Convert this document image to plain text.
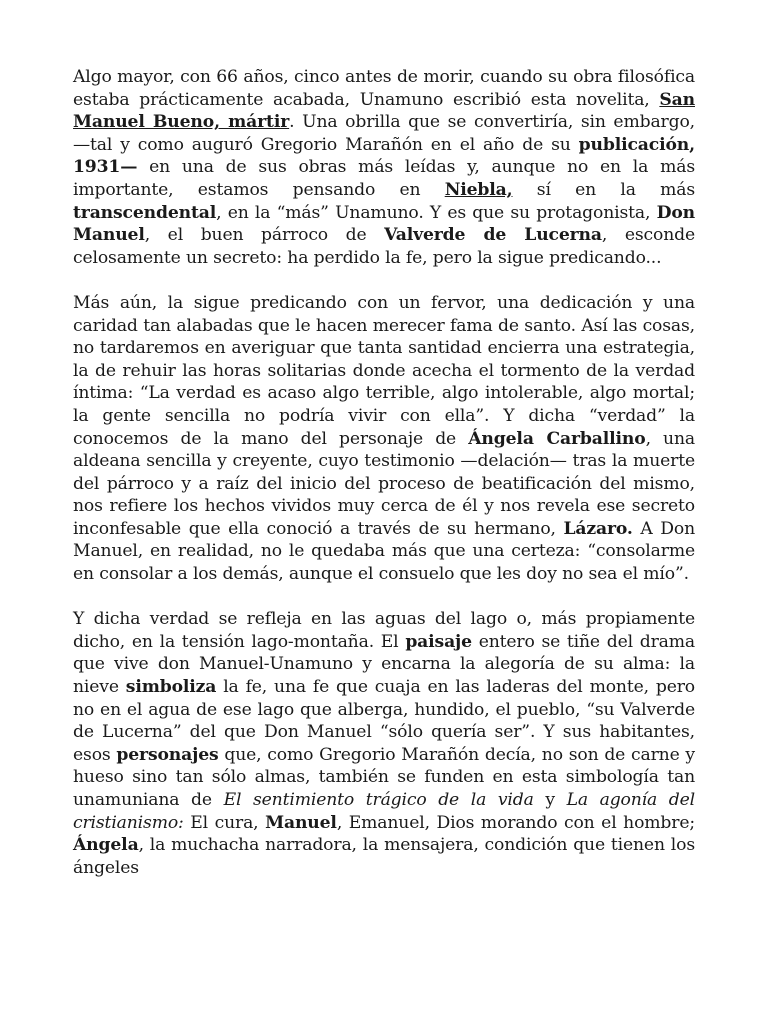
Algo mayor, con 66 años, cinco antes de morir, cuando su obra filosófica estaba prácticamente acabada, Unamuno escribió esta novelita, San Manuel Bueno, mártir. Una obrilla que se convertiría, sin embargo, —tal y como auguró Gregorio Marañón en el año de su publicación, 1931— en una de sus obras más leídas y, aunque no en la más importante, estamos pensando en Niebla, sí en la más transcendental, en la “más” Unamuno. Y es que su protagonista, Don Manuel, el buen párroco de Valverde de Lucerna, esconde celosamente un secreto: ha perdido la fe, pero la sigue predicando...

Más aún, la sigue predicando con un fervor, una dedicación y una caridad tan alabadas que le hacen merecer fama de santo. Así las cosas, no tardaremos en averiguar que tanta santidad encierra una estrategia, la de rehuir las horas solitarias donde acecha el tormento de la verdad íntima: “La verdad es acaso algo terrible, algo intolerable, algo mortal; la gente sencilla no podría vivir con ella”. Y dicha “verdad” la conocemos de la mano del personaje de Ángela Carballino, una aldeana sencilla y creyente, cuyo testimonio —delación— tras la muerte del párroco y a raíz del inicio del proceso de beatificación del mismo, nos refiere los hechos vividos muy cerca de él y nos revela ese secreto inconfesable que ella conoció a través de su hermano, Lázaro. A Don Manuel, en realidad, no le quedaba más que una certeza: “consolarme en consolar a los demás, aunque el consuelo que les doy no sea el mío”.

Y dicha verdad se refleja en las aguas del lago o, más propiamente dicho, en la tensión lago-montaña. El paisaje entero se tiñe del drama que vive don Manuel-Unamuno y encarna la alegoría de su alma: la nieve simboliza la fe, una fe que cuaja en las laderas del monte, pero no en el agua de ese lago que alberga, hundido, el pueblo, “su Valverde de Lucerna” del que Don Manuel “sólo quería ser”. Y sus habitantes, esos personajes que, como Gregorio Marañón decía, no son de carne y hueso sino tan sólo almas, también se funden en esta simbología tan unamuniana de El sentimiento trágico de la vida y La agonía del cristianismo: El cura, Manuel, Emanuel, Dios morando con el hombre; Ángela, la muchacha narradora, la mensajera, condición que tienen los ángeles
